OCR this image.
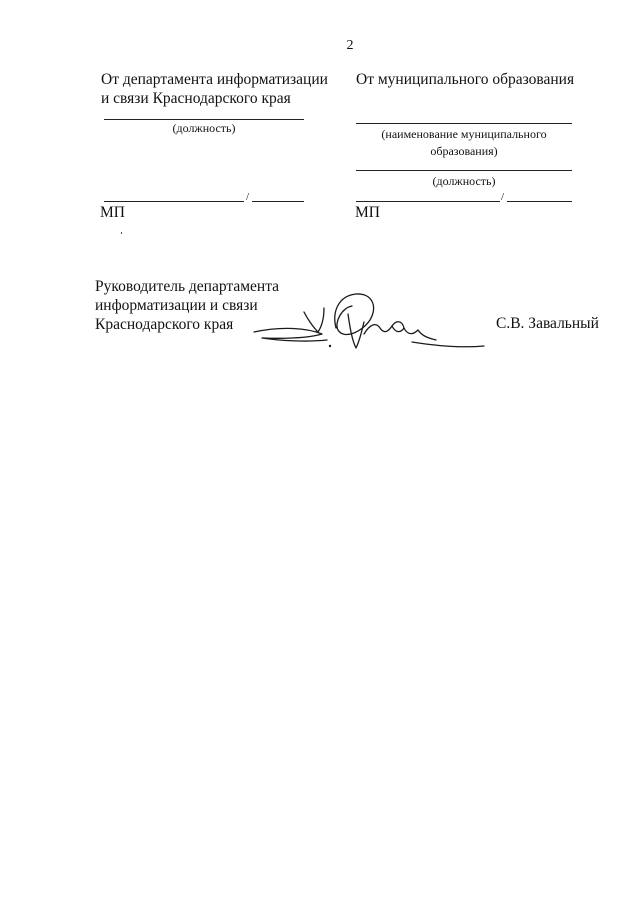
2
От департамента информатизации
и связи Краснодарского края
(должность)
/
МП
От муниципального образования
(наименование муниципального
образования)
(должность)
/
МП
Руководитель департамента
информатизации и связи
Краснодарского края	С.В. Завальный
